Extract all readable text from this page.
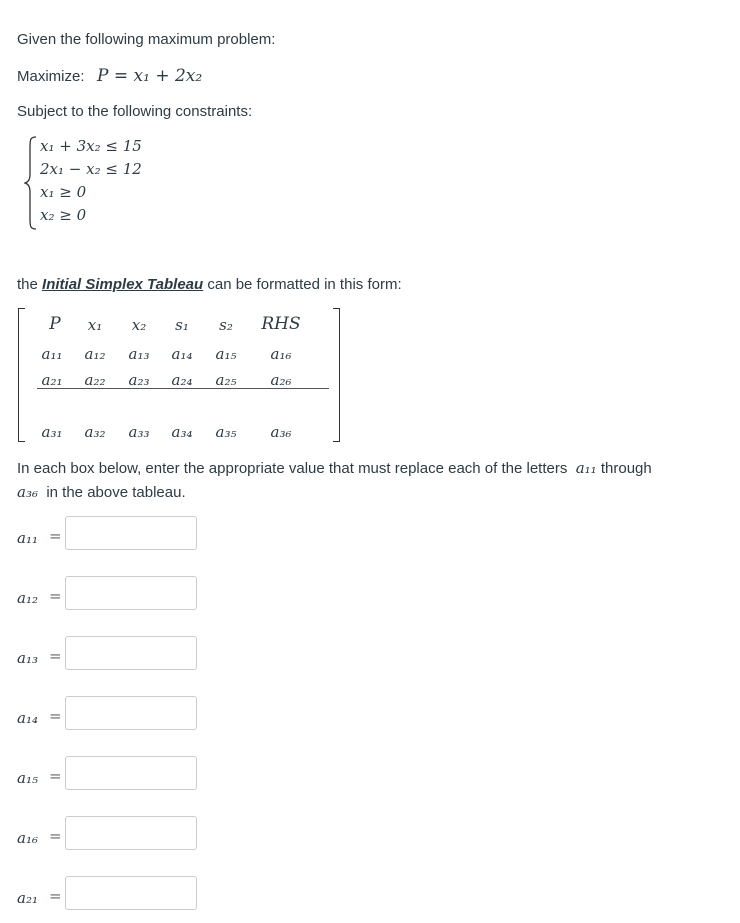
Given the following maximum problem:

Maximize: P = x₁ + 2x₂

Subject to the following constraints:

x₁ + 3x₂ ≤ 15
2x₁ − x₂ ≤ 12
x₁ ≥ 0
x₂ ≥ 0

the Initial Simplex Tableau can be formatted in this form:

P x₁ x₂ s₁ s₂ RHS
a₁₁ a₁₂ a₁₃ a₁₄ a₁₅ a₁₆
a₂₁ a₂₂ a₂₃ a₂₄ a₂₅ a₂₆
a₃₁ a₃₂ a₃₃ a₃₄ a₃₅ a₃₆

In each box below, enter the appropriate value that must replace each of the letters a₁₁ through

a₃₆ in the above tableau.

a₁₁ =
a₁₂ =
a₁₃ =
a₁₄ =
a₁₅ =
a₁₆ =
a₂₁ =
